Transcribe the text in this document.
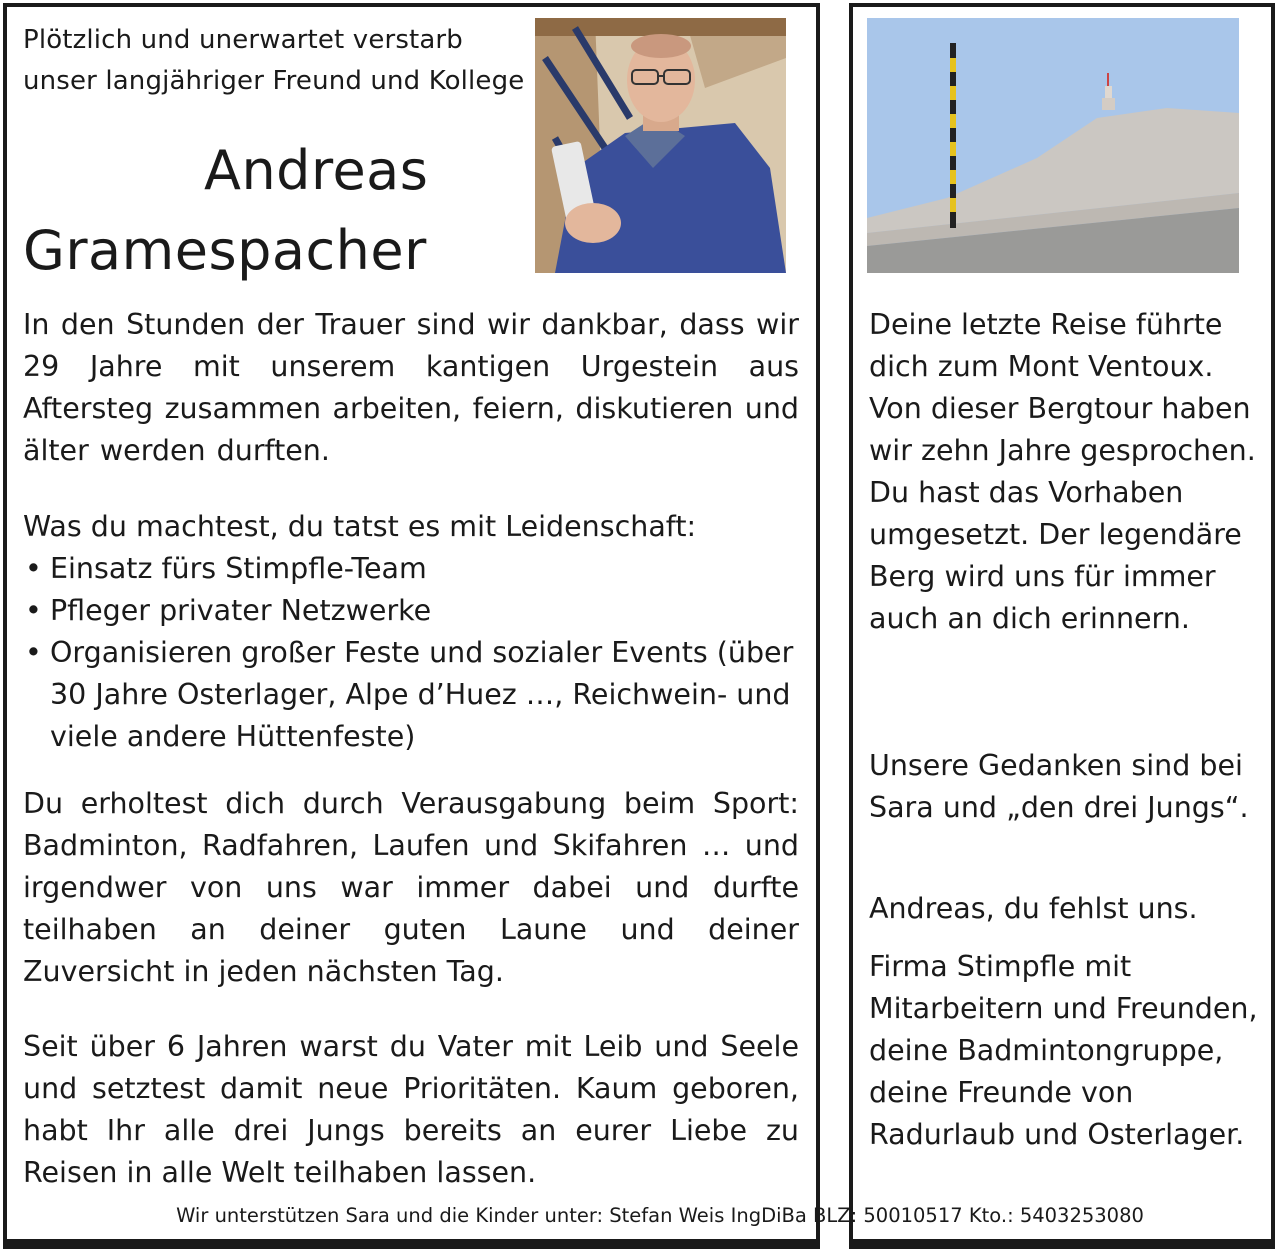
Plötzlich und unerwartet verstarb unser langjähriger Freund und Kollege

Andreas
Gramespacher

In den Stunden der Trauer sind wir dankbar, dass wir 29 Jahre mit unserem kantigen Urgestein aus Aftersteg zusammen arbeiten, feiern, diskutieren und älter werden durften.

Was du machtest, du tatst es mit Leidenschaft:

• Einsatz fürs Stimpfle-Team
• Pfleger privater Netzwerke
• Organisieren großer Feste und sozialer Events (über 30 Jahre Osterlager, Alpe d’Huez …, Reichwein- und viele andere Hüttenfeste)

Du erholtest dich durch Verausgabung beim Sport: Badminton, Radfahren, Laufen und Skifahren … und irgendwer von uns war immer dabei und durfte teilhaben an deiner guten Laune und deiner Zuversicht in jeden nächsten Tag.

Seit über 6 Jahren warst du Vater mit Leib und Seele und setztest damit neue Prioritäten. Kaum geboren, habt Ihr alle drei Jungs bereits an eurer Liebe zu Reisen in alle Welt teilhaben lassen.

Deine letzte Reise führte dich zum Mont Ventoux. Von dieser Bergtour haben wir zehn Jahre gesprochen. Du hast das Vorhaben umgesetzt. Der legendäre Berg wird uns für immer auch an dich erinnern.

Unsere Gedanken sind bei Sara und „den drei Jungs“.

Andreas, du fehlst uns.

Firma Stimpfle mit Mitarbeitern und Freunden, deine Badmintongruppe, deine Freunde von Radurlaub und Osterlager.

Wir unterstützen Sara und die Kinder unter: Stefan Weis IngDiBa BLZ: 50010517 Kto.: 5403253080
